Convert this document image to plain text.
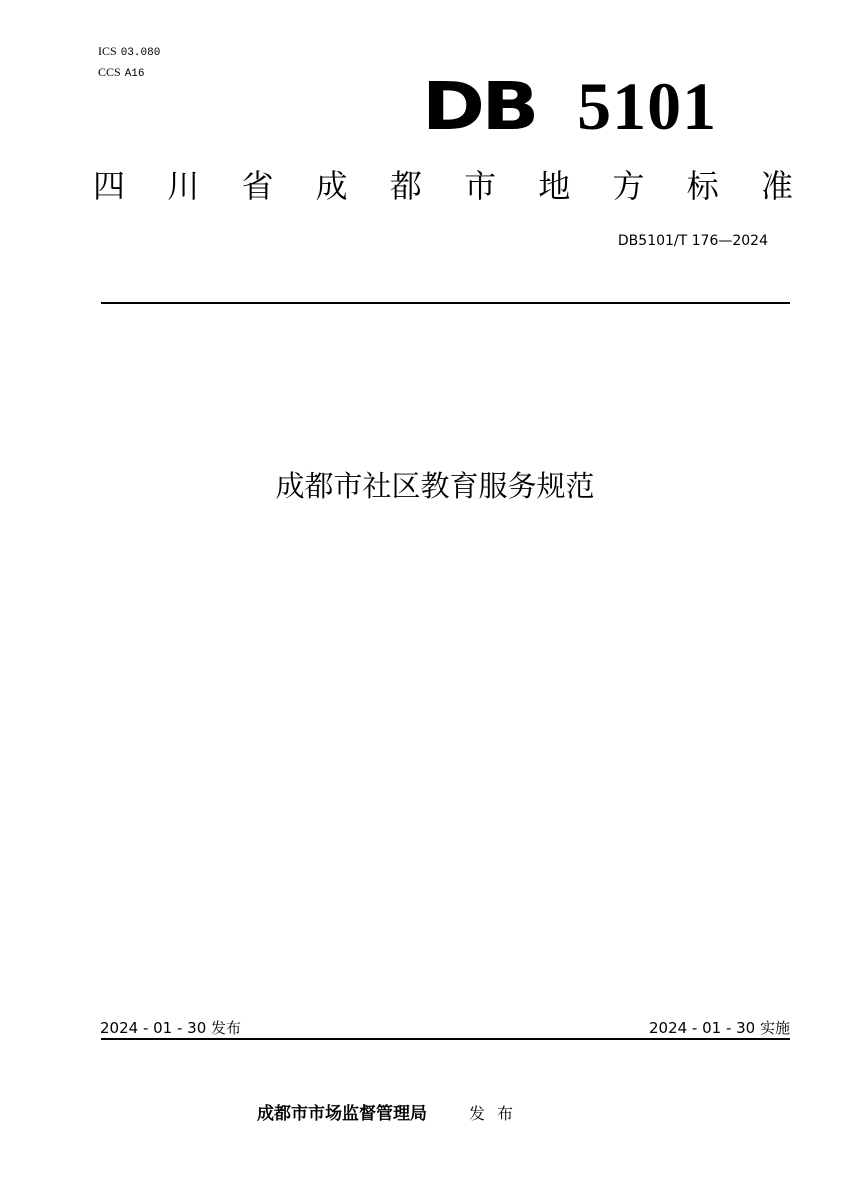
ICS 03.080
CCS A16	DB 5101
四 川 省 成 都 市 地 方 标 准
DB5101/T 176—2024
成都市社区教育服务规范
2024 - 01 - 30 发布	2024 - 01 - 30 实施
成都市市场监督管理局	发布
